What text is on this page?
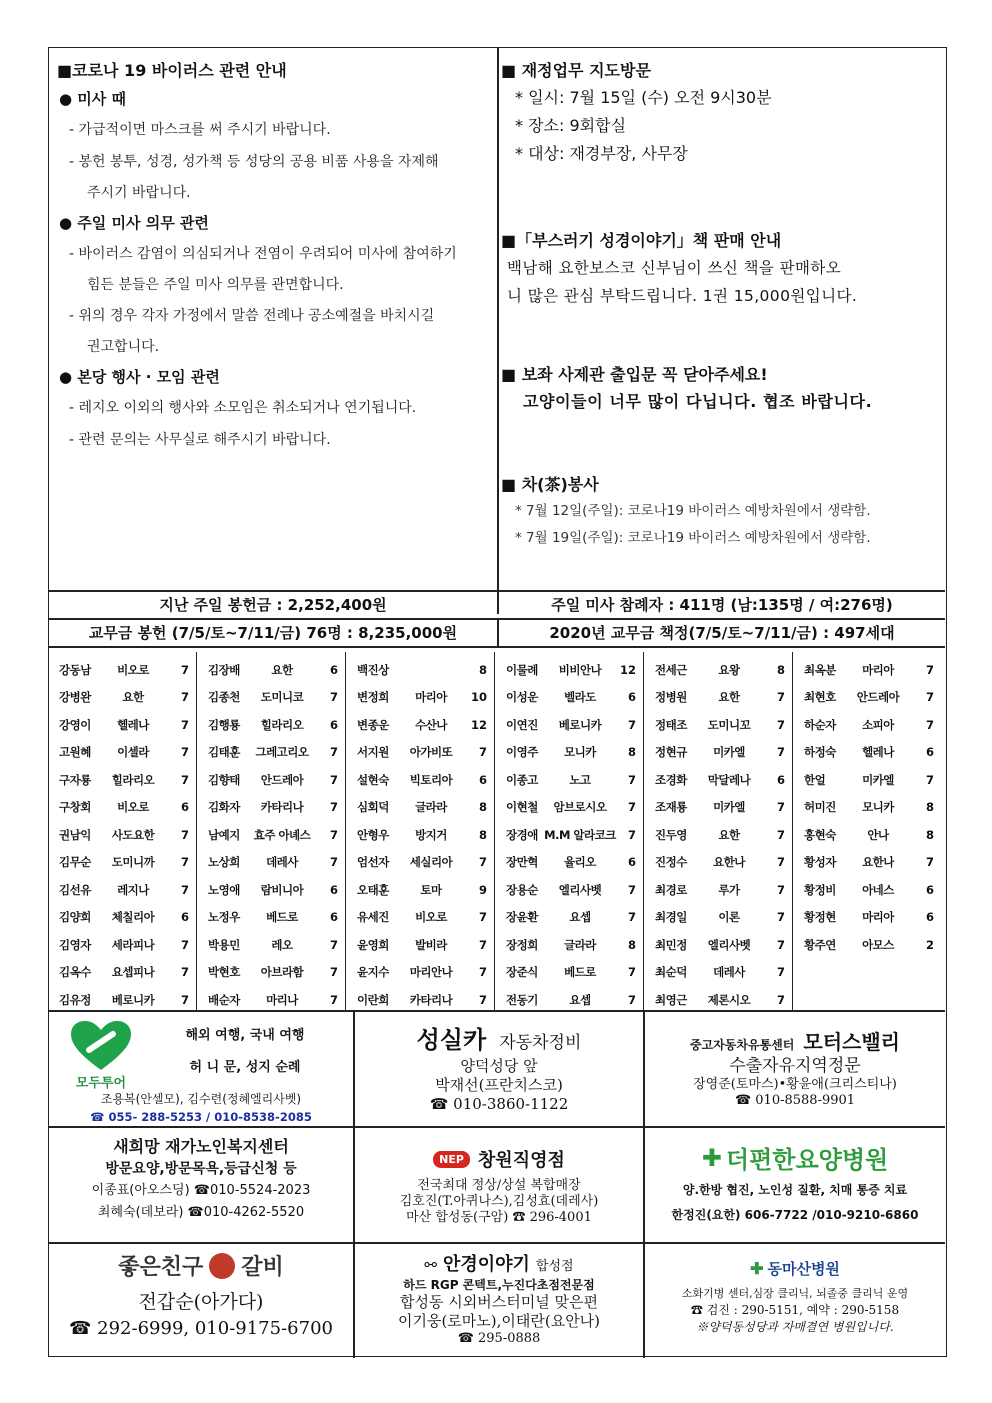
■코로나 19 바이러스 관련 안내
● 미사 때
- 가급적이면 마스크를 써 주시기 바랍니다.
- 봉헌 봉투, 성경, 성가책 등 성당의 공용 비품 사용을 자제해
주시기 바랍니다.
● 주일 미사 의무 관련
- 바이러스 감염이 의심되거나 전염이 우려되어 미사에 참여하기
힘든 분들은 주일 미사 의무를 관면합니다.
- 위의 경우 각자 가정에서 말씀 전례나 공소예절을 바치시길
권고합니다.
● 본당 행사 · 모임 관련
- 레지오 이외의 행사와 소모임은 취소되거나 연기됩니다.
- 관련 문의는 사무실로 해주시기 바랍니다.
■ 재정업무 지도방문
* 일시: 7월 15일 (수) 오전 9시30분
* 장소: 9회합실
* 대상: 재경부장, 사무장
■「부스러기 성경이야기」책 판매 안내
백남해 요한보스코 신부님이 쓰신 책을 판매하오
니 많은 관심 부탁드립니다. 1권 15,000원입니다.
■ 보좌 사제관 출입문 꼭 닫아주세요!
고양이들이 너무 많이 다닙니다. 협조 바랍니다.
■ 차(茶)봉사
* 7월 12일(주일): 코로나19 바이러스 예방차원에서 생략함.
* 7월 19일(주일): 코로나19 바이러스 예방차원에서 생략함.
지난 주일 봉헌금 : 2,252,400원	주일 미사 참례자 : 411명 (남:135명 / 여:276명)
교무금 봉헌 (7/5/토~7/11/금) 76명 : 8,235,000원	2020년 교무금 책정(7/5/토~7/11/금) : 497세대
강동남	비오로	7
강병완	요한	7
강영이	헬레나	7
고원혜	이셀라	7
구자룡	힐라리오	7
구창회	비오로	6
권남익	사도요한	7
김무순	도미니까	7
김선유	레지나	7
김양희	체칠리아	6
김영자	세라피나	7
김옥수	요셉피나	7
김유정	베로니카	7
김장배	요한	6
김종천	도미니코	7
김행룡	힐라리오	6
김태훈	그레고리오	7
김향태	안드레아	7
김화자	카타리나	7
남예지	효주 아녜스	7
노상희	데레사	7
노영애	람비니아	6
노정우	베드로	6
박용민	레오	7
박현호	아브라함	7
배순자	마리나	7
백진상	8
변정희	마리아	10
변종운	수산나	12
서지원	아가비또	7
설현숙	빅토리아	6
심회덕	글라라	8
안형우	방지거	8
엄선자	세실리아	7
오태훈	토마	9
유세진	비오로	7
윤영희	발비라	7
윤지수	마리안나	7
이란희	카타리나	7
이물례	비비안나	12
이성운	벨라도	6
이연진	베로니카	7
이영주	모니카	8
이종고	노고	7
이현철	암브로시오	7
장경애 M.M 알라코크	7
장만혁	율리오	6
장용순	엘리사벳	7
장윤환	요셉	7
장정희	글라라	8
장준식	베드로	7
전동기	요셉	7
전세근	요왕	8
정병원	요한	7
정태조	도미니꼬	7
정현규	미카엘	7
조경화	막달레나	6
조재룡	미카엘	7
진두영	요한	7
진정수	요한나	7
최경로	루가	7
최경일	이론	7
최민정	엘리사벳	7
최순덕	데레사	7
최영근	제론시오	7
최옥분	마리아	7
최현호	안드레아	7
하순자	소피아	7
하정숙	헬레나	6
한얼	미카엘	7
허미진	모니카	8
홍현숙	안나	8
황성자	요한나	7
황정비	아네스	6
황정현	마리아	6
황주연	아모스	2
모두투어
해외 여행, 국내 여행
허 니 문, 성지 순례
조용복(안셀모), 김수련(정혜엘리사벳)
☎ 055- 288-5253 / 010-8538-2085
성실카 자동차정비
양덕성당 앞
박재선(프란치스코)
☎ 010-3860-1122
중고자동차유통센터 모터스밸리
수출자유지역정문
장영준(토마스)•황윤애(크리스티나)
☎ 010-8588-9901
새희망 재가노인복지센터
방문요양,방문목욕,등급신청 등
이종표(아오스딩) ☎010-5524-2023
최혜숙(데보라) ☎010-4262-5520
NEP 창원직영점
전국최대 정상/상설 복합매장
김호진(T.아퀴나스),김성효(데레사)
마산 합성동(구암) ☎ 296-4001
✚ 더편한요양병원
양.한방 협진, 노인성 질환, 치매 통증 치료
한정진(요한) 606-7722 /010-9210-6860
좋은친구 갈비
전갑순(아가다)
☎ 292-6999, 010-9175-6700
⚯ 안경이야기 합성점
하드 RGP 콘텍트,누진다초점전문점
합성동 시외버스터미널 맞은편
이기웅(로마노),이태란(요안나)
☎ 295-0888
✚ 동마산병원
소화기병 센터,심장 클리닉, 뇌졸중 클리닉 운영
☎ 검진 : 290-5151, 예약 : 290-5158
※양덕동성당과 자매결연 병원입니다.
